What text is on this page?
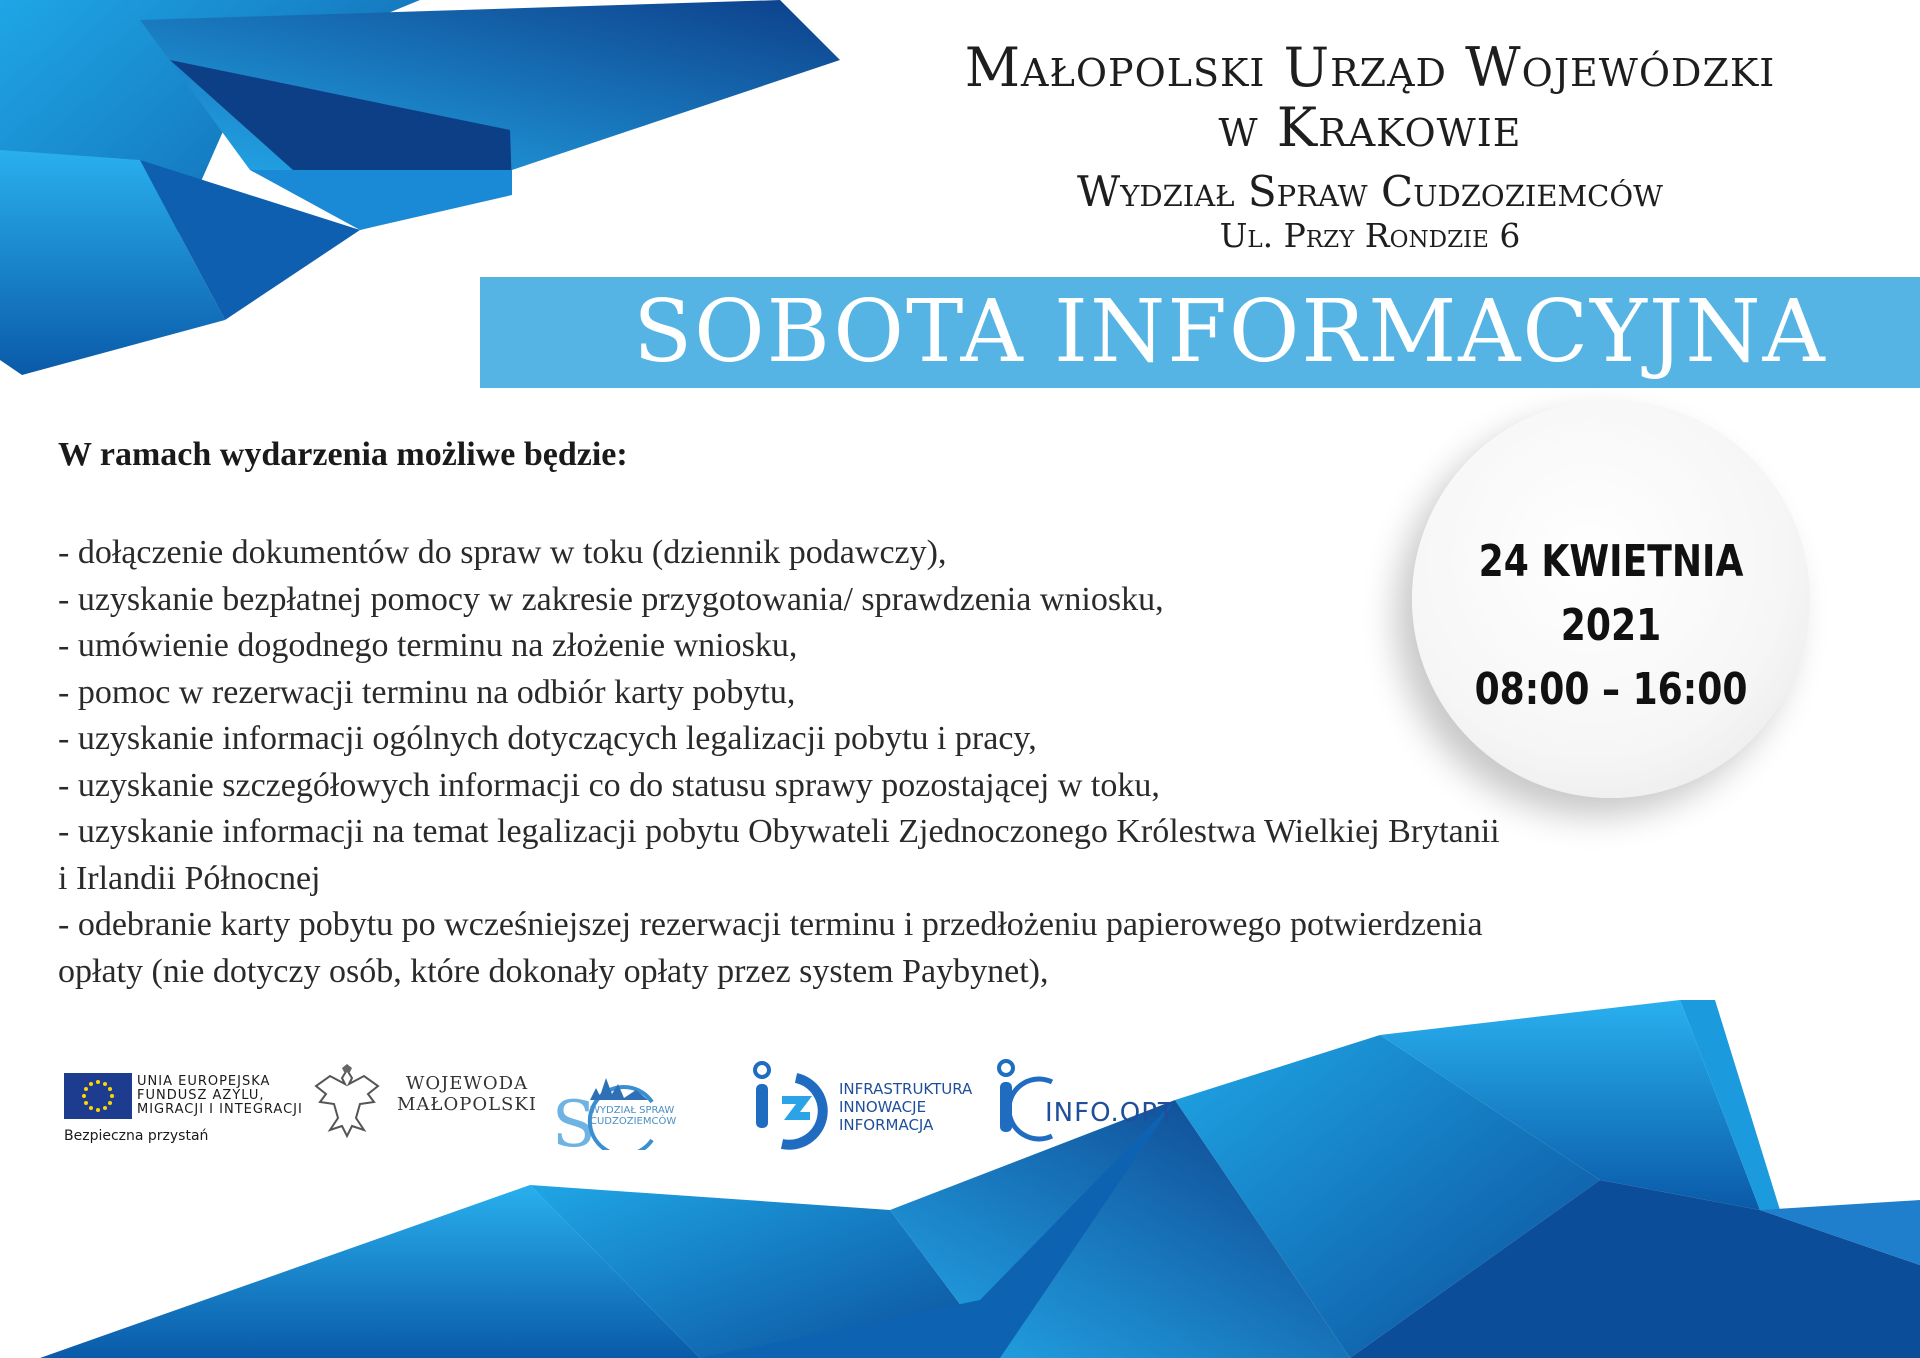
Małopolski Urząd Wojewódzki
w Krakowie
Wydział Spraw Cudzoziemców
Ul. Przy Rondzie 6
SOBOTA INFORMACYJNA
W ramach wydarzenia możliwe będzie:
- dołączenie dokumentów do spraw w toku (dziennik podawczy),
- uzyskanie bezpłatnej pomocy w zakresie przygotowania/ sprawdzenia wniosku,
- umówienie dogodnego terminu na złożenie wniosku,
- pomoc w rezerwacji terminu na odbiór karty pobytu,
- uzyskanie informacji ogólnych dotyczących legalizacji pobytu i pracy,
- uzyskanie szczegółowych informacji co do statusu sprawy pozostającej w toku,
- uzyskanie informacji na temat legalizacji pobytu Obywateli Zjednoczonego Królestwa Wielkiej Brytanii
i Irlandii Północnej
- odebranie karty pobytu po wcześniejszej rezerwacji terminu i przedłożeniu papierowego potwierdzenia
opłaty (nie dotyczy osób, które dokonały opłaty przez system Paybynet),
24 KWIETNIA 2021
08:00 – 16:00
UNIA EUROPEJSKA
FUNDUSZ AZYLU,
MIGRACJI I INTEGRACJI
Bezpieczna przystań
WOJEWODA
MAŁOPOLSKI S
WYDZIAŁ SPRAW
CUDZOZIEMCÓW
INFRASTRUKTURA
INNOWACJE
INFORMACJA	INFO.OPT
